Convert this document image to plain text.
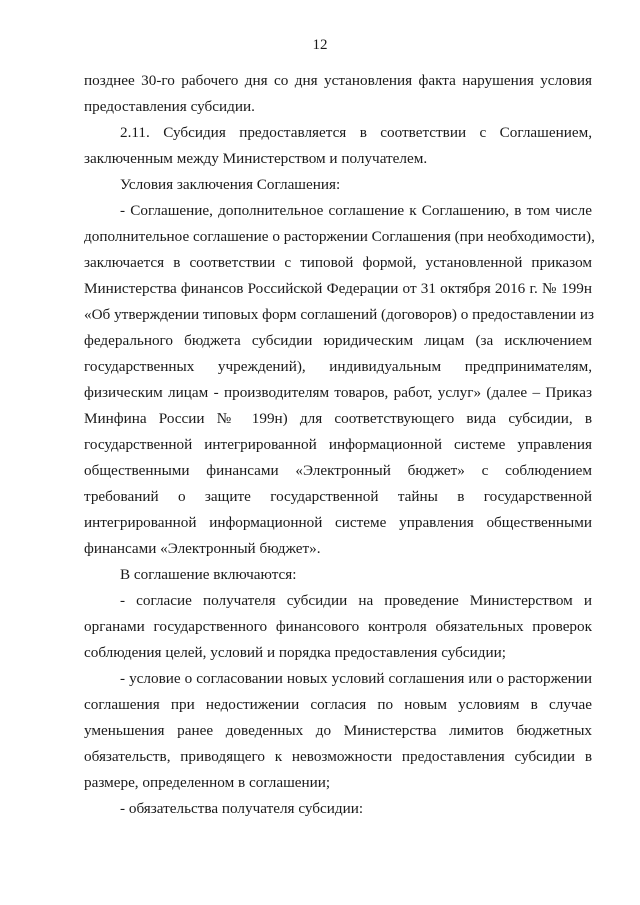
12
позднее 30-го рабочего дня со дня установления факта нарушения условия
предоставления субсидии.
2.11. Субсидия предоставляется в соответствии с Соглашением,
заключенным между Министерством и получателем.
Условия заключения Соглашения:
- Соглашение, дополнительное соглашение к Соглашению, в том числе
дополнительное соглашение о расторжении Соглашения (при необходимости),
заключается в соответствии с типовой формой, установленной приказом
Министерства финансов Российской Федерации от 31 октября 2016 г. № 199н
«Об утверждении типовых форм соглашений (договоров) о предоставлении из
федерального бюджета субсидии юридическим лицам (за исключением
государственных учреждений), индивидуальным предпринимателям,
физическим лицам - производителям товаров, работ, услуг» (далее – Приказ
Минфина России № 199н) для соответствующего вида субсидии, в
государственной интегрированной информационной системе управления
общественными финансами «Электронный бюджет» с соблюдением
требований о защите государственной тайны в государственной
интегрированной информационной системе управления общественными
финансами «Электронный бюджет».
В соглашение включаются:
- согласие получателя субсидии на проведение Министерством и
органами государственного финансового контроля обязательных проверок
соблюдения целей, условий и порядка предоставления субсидии;
- условие о согласовании новых условий соглашения или о расторжении
соглашения при недостижении согласия по новым условиям в случае
уменьшения ранее доведенных до Министерства лимитов бюджетных
обязательств, приводящего к невозможности предоставления субсидии в
размере, определенном в соглашении;
- обязательства получателя субсидии:
